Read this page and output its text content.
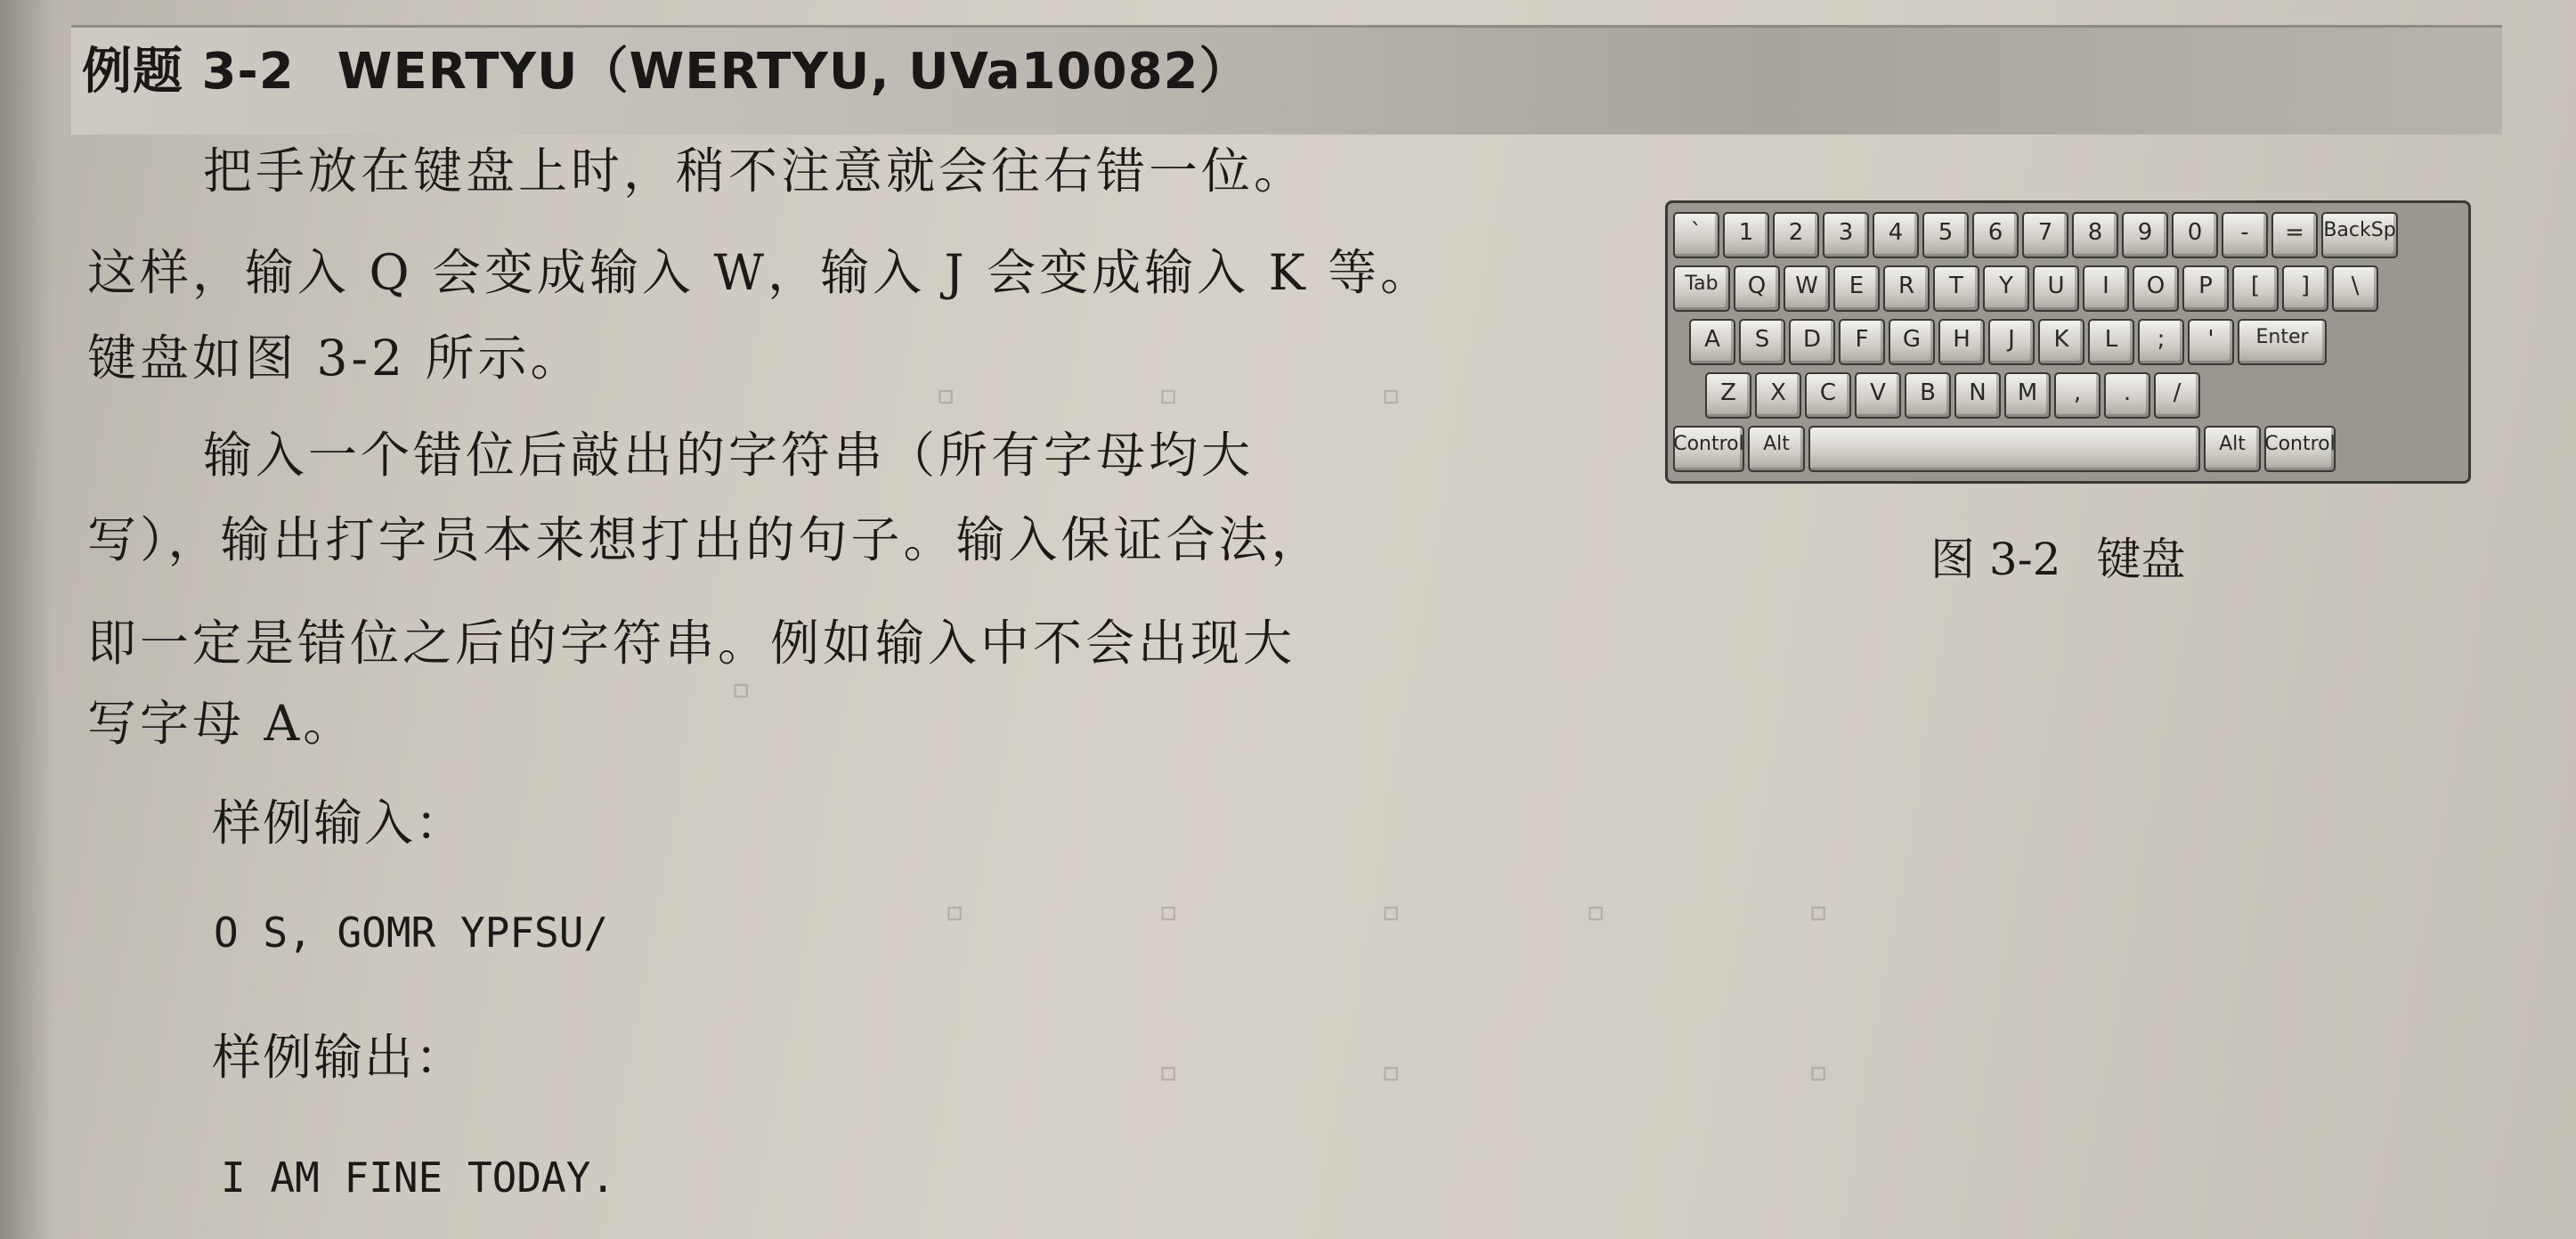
▫	▫	▫
▫
▫	▫	▫	▫	▫
▫	▫	▫
例题 3-2 WERTYU（WERTYU, UVa10082）
把手放在键盘上时，稍不注意就会往右错一位。
这样，输入 Q 会变成输入 W，输入 J 会变成输入 K 等。
键盘如图 3-2 所示。
输入一个错位后敲出的字符串（所有字母均大
写），输出打字员本来想打出的句子。输入保证合法，
即一定是错位之后的字符串。例如输入中不会出现大
写字母 A。
样例输入：
O S, GOMR YPFSU/
样例输出：
I AM FINE TODAY.
`	1	2	3	4	5	6	7	8	9	0	-	= BackSp
Tab	Q	W	E	R	T	Y	U	I	O	P	[	]	\
A	S	D	F	G	H	J	K	L	;	'	Enter
Z	X	C	V	B	N	M	,	.	/
Control Alt	Alt Control
图 3-2 键盘
